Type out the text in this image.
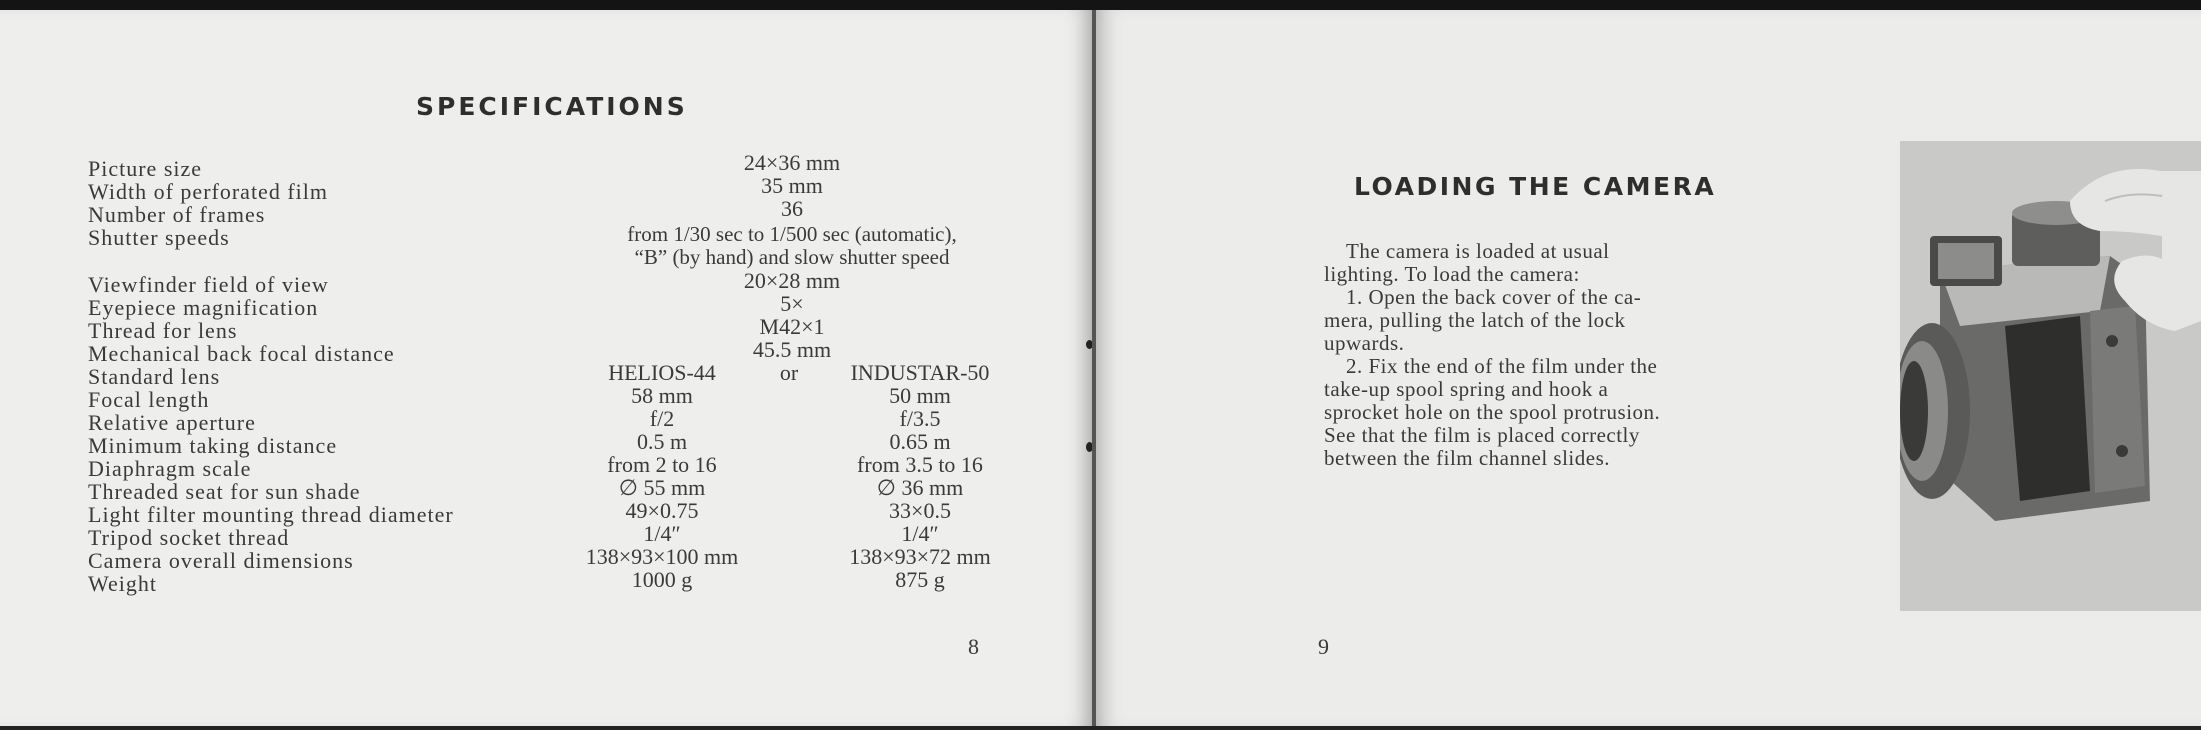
SPECIFICATIONS
Picture size
Width of perforated film
Number of frames
Shutter speeds
Viewfinder field of view
Eyepiece magnification
Thread for lens
Mechanical back focal distance
Standard lens
Focal length
Relative aperture
Minimum taking distance
Diaphragm scale
Threaded seat for sun shade
Light filter mounting thread diameter
Tripod socket thread
Camera overall dimensions
Weight
24×36 mm
35 mm
36
from 1/30 sec to 1/500 sec (automatic),
“B” (by hand) and slow shutter speed
20×28 mm
5×
M42×1
45.5 mm
HELIOS-44
58 mm
f/2
0.5 m
from 2 to 16
∅ 55 mm
49×0.75
1/4″
138×93×100 mm
1000 g
or INDUSTAR-50
50 mm
f/3.5
0.65 m
from 3.5 to 16
∅ 36 mm
33×0.5
1/4″
138×93×72 mm
875 g
8
LOADING THE CAMERA
The camera is loaded at usual
lighting. To load the camera:
1. Open the back cover of the ca-
mera, pulling the latch of the lock
upwards.
2. Fix the end of the film under the
take-up spool spring and hook a
sprocket hole on the spool protrusion.
See that the film is placed correctly
between the film channel slides.
9
